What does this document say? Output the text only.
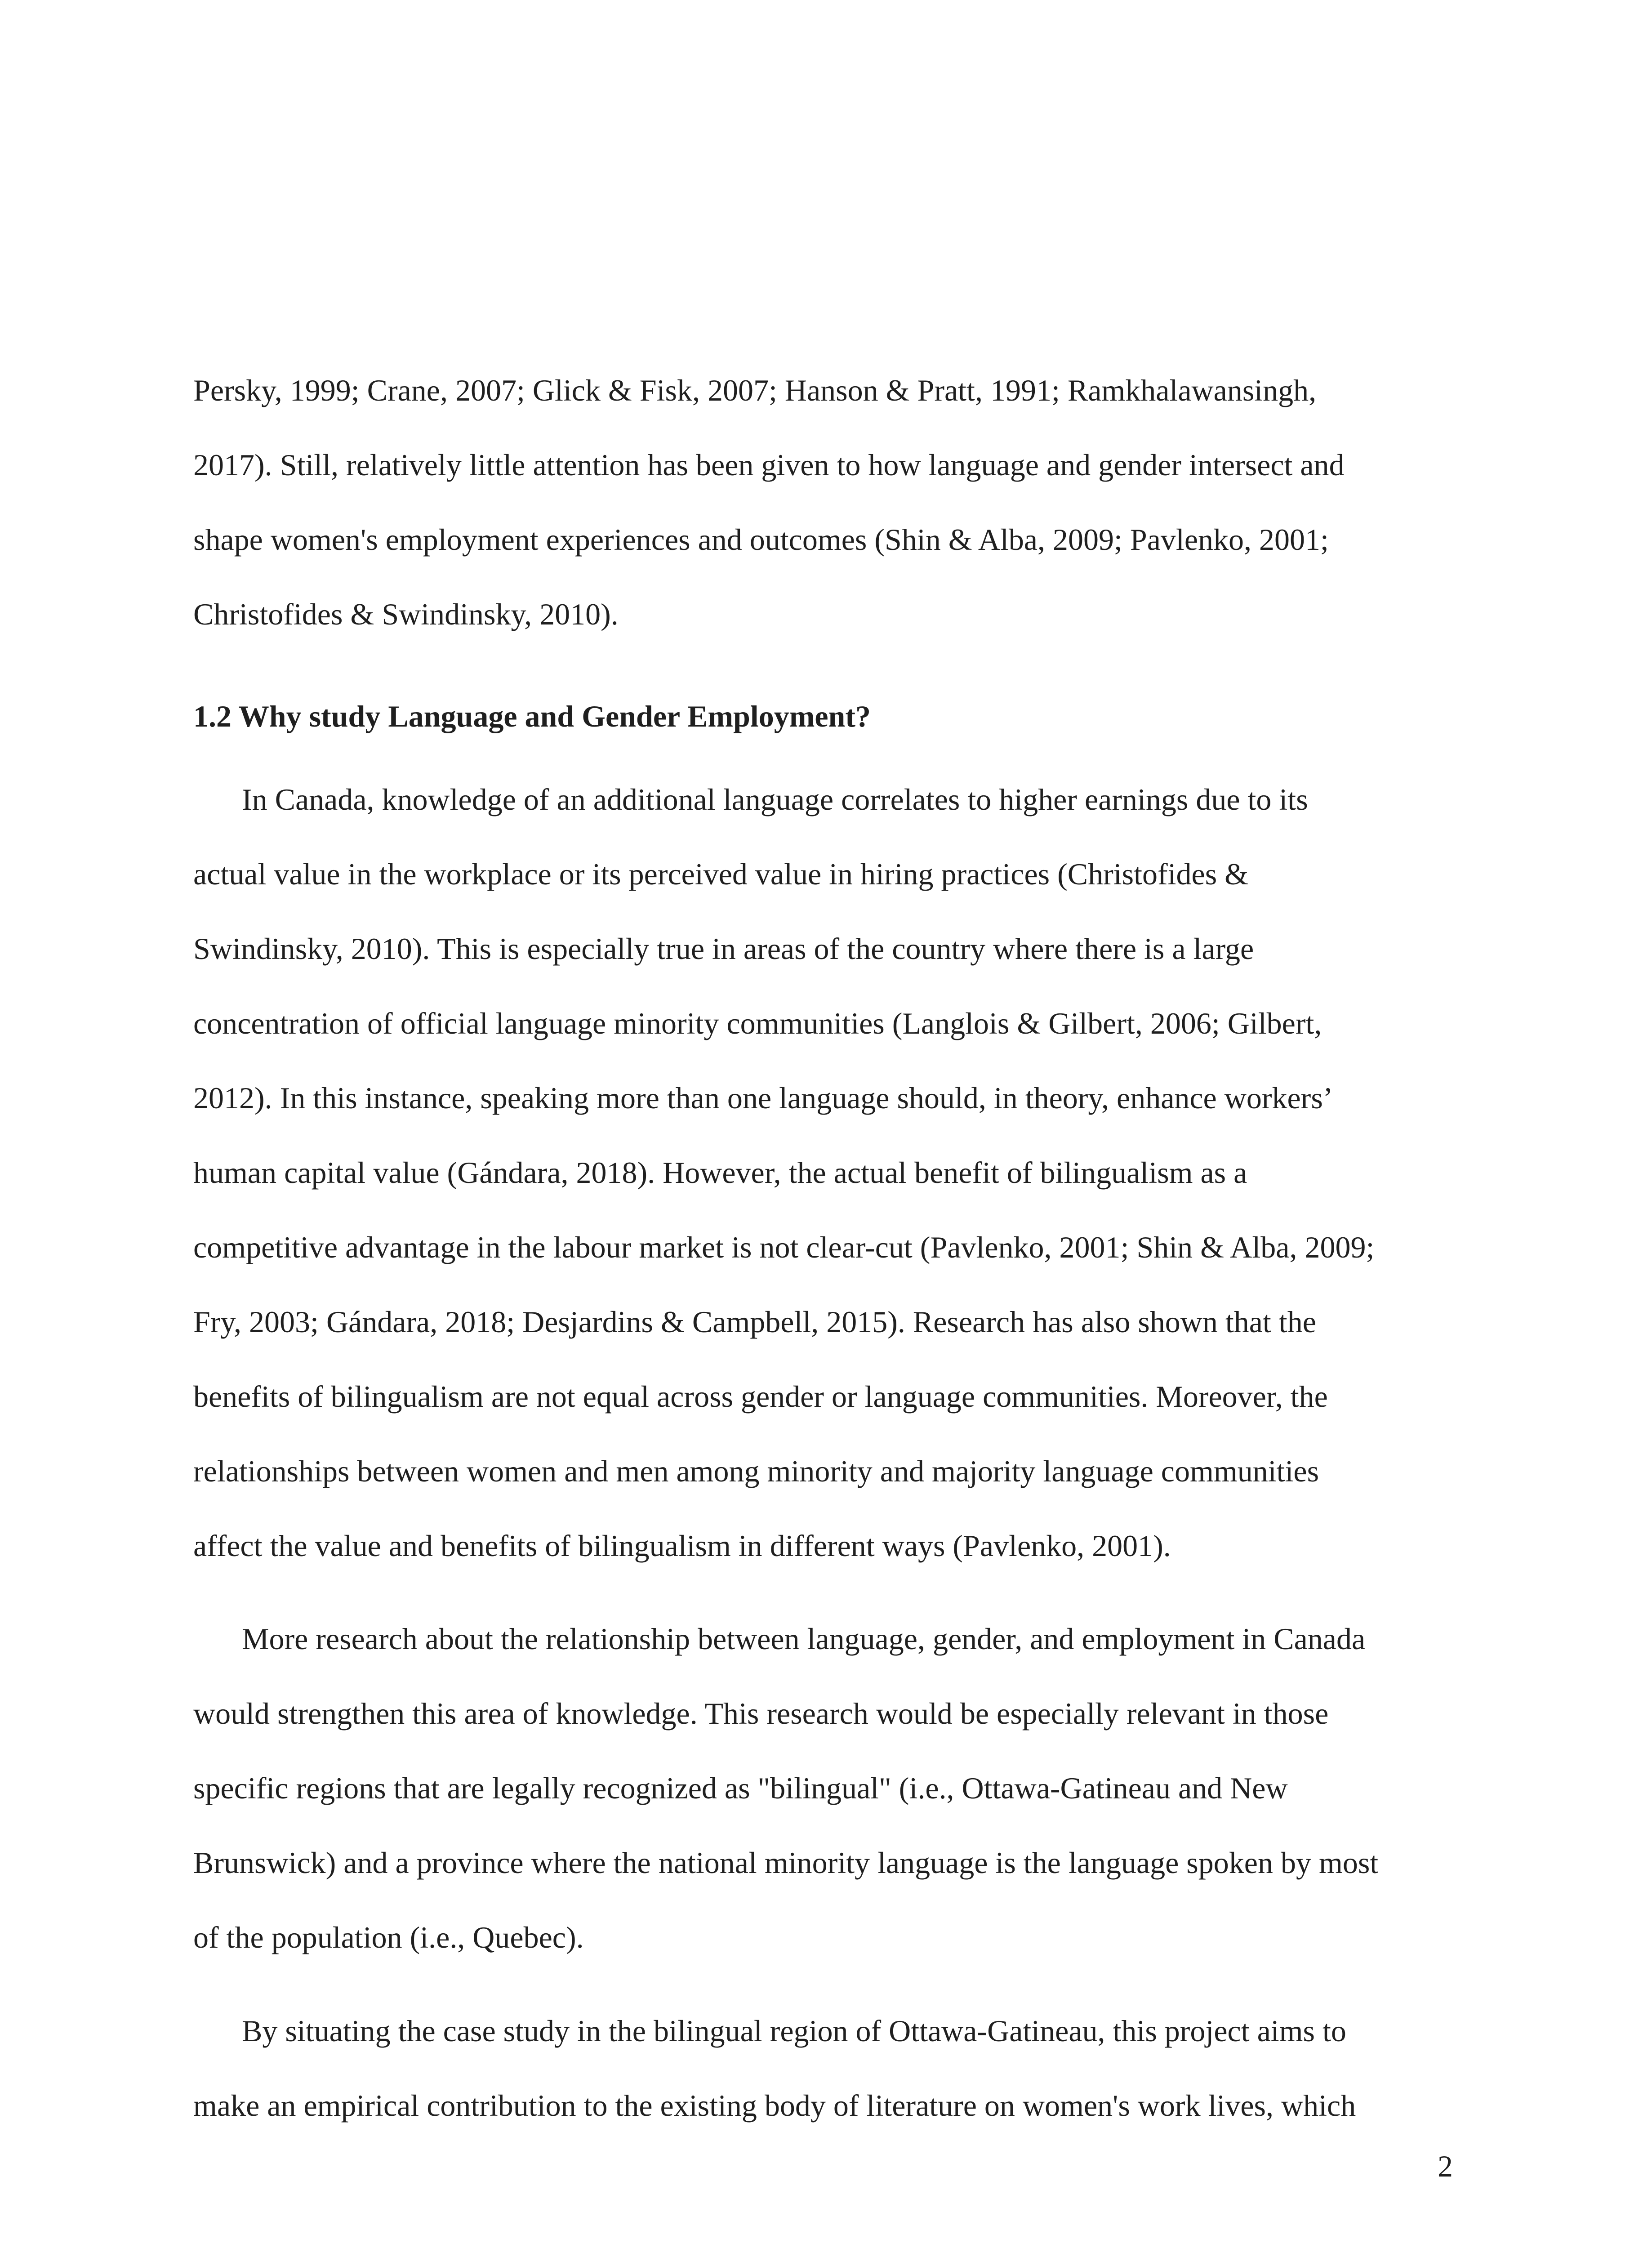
Persky, 1999; Crane, 2007; Glick & Fisk, 2007; Hanson & Pratt, 1991; Ramkhalawansingh,
2017). Still, relatively little attention has been given to how language and gender intersect and
shape women's employment experiences and outcomes (Shin & Alba, 2009; Pavlenko, 2001;
Christofides & Swindinsky, 2010).
1.2 Why study Language and Gender Employment?
In Canada, knowledge of an additional language correlates to higher earnings due to its
actual value in the workplace or its perceived value in hiring practices (Christofides &
Swindinsky, 2010). This is especially true in areas of the country where there is a large
concentration of official language minority communities (Langlois & Gilbert, 2006; Gilbert,
2012). In this instance, speaking more than one language should, in theory, enhance workers’
human capital value (Gándara, 2018). However, the actual benefit of bilingualism as a
competitive advantage in the labour market is not clear-cut (Pavlenko, 2001; Shin & Alba, 2009;
Fry, 2003; Gándara, 2018; Desjardins & Campbell, 2015). Research has also shown that the
benefits of bilingualism are not equal across gender or language communities. Moreover, the
relationships between women and men among minority and majority language communities
affect the value and benefits of bilingualism in different ways (Pavlenko, 2001).
More research about the relationship between language, gender, and employment in Canada
would strengthen this area of knowledge. This research would be especially relevant in those
specific regions that are legally recognized as "bilingual" (i.e., Ottawa-Gatineau and New
Brunswick) and a province where the national minority language is the language spoken by most
of the population (i.e., Quebec).
By situating the case study in the bilingual region of Ottawa-Gatineau, this project aims to
make an empirical contribution to the existing body of literature on women's work lives, which
2
